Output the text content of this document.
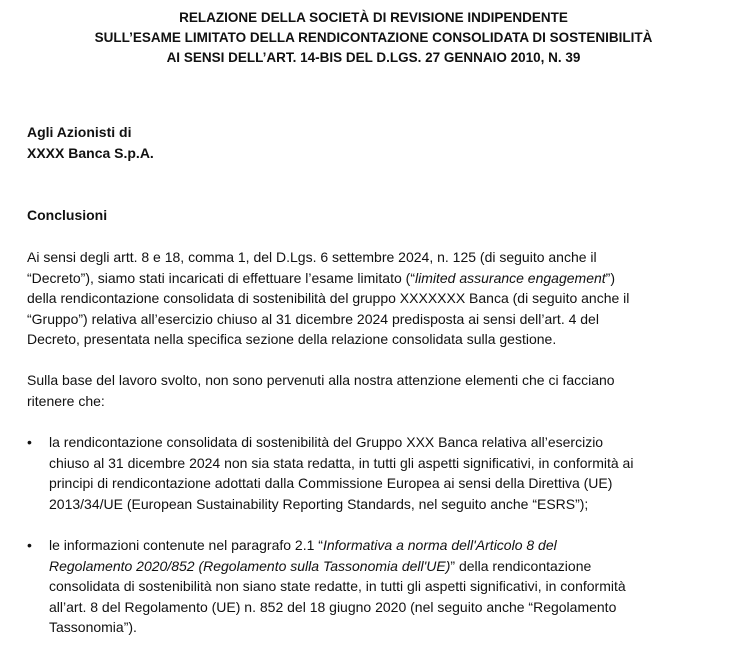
RELAZIONE DELLA SOCIETÀ DI REVISIONE INDIPENDENTE
SULL’ESAME LIMITATO DELLA RENDICONTAZIONE CONSOLIDATA DI SOSTENIBILITÀ
AI SENSI DELL’ART. 14-BIS DEL D.LGS. 27 GENNAIO 2010, N. 39
Agli Azionisti di
XXXX Banca S.p.A.
Conclusioni
Ai sensi degli artt. 8 e 18, comma 1, del D.Lgs. 6 settembre 2024, n. 125 (di seguito anche il
“Decreto”), siamo stati incaricati di effettuare l’esame limitato (“limited assurance engagement”)
della rendicontazione consolidata di sostenibilità del gruppo XXXXXXX Banca (di seguito anche il
“Gruppo”) relativa all’esercizio chiuso al 31 dicembre 2024 predisposta ai sensi dell’art. 4 del
Decreto, presentata nella specifica sezione della relazione consolidata sulla gestione.
Sulla base del lavoro svolto, non sono pervenuti alla nostra attenzione elementi che ci facciano
ritenere che:
•	la rendicontazione consolidata di sostenibilità del Gruppo XXX Banca relativa all’esercizio
chiuso al 31 dicembre 2024 non sia stata redatta, in tutti gli aspetti significativi, in conformità ai
principi di rendicontazione adottati dalla Commissione Europea ai sensi della Direttiva (UE)
2013/34/UE (European Sustainability Reporting Standards, nel seguito anche “ESRS”);
•	le informazioni contenute nel paragrafo 2.1 “Informativa a norma dell'Articolo 8 del
Regolamento 2020/852 (Regolamento sulla Tassonomia dell'UE)” della rendicontazione
consolidata di sostenibilità non siano state redatte, in tutti gli aspetti significativi, in conformità
all’art. 8 del Regolamento (UE) n. 852 del 18 giugno 2020 (nel seguito anche “Regolamento
Tassonomia”).
